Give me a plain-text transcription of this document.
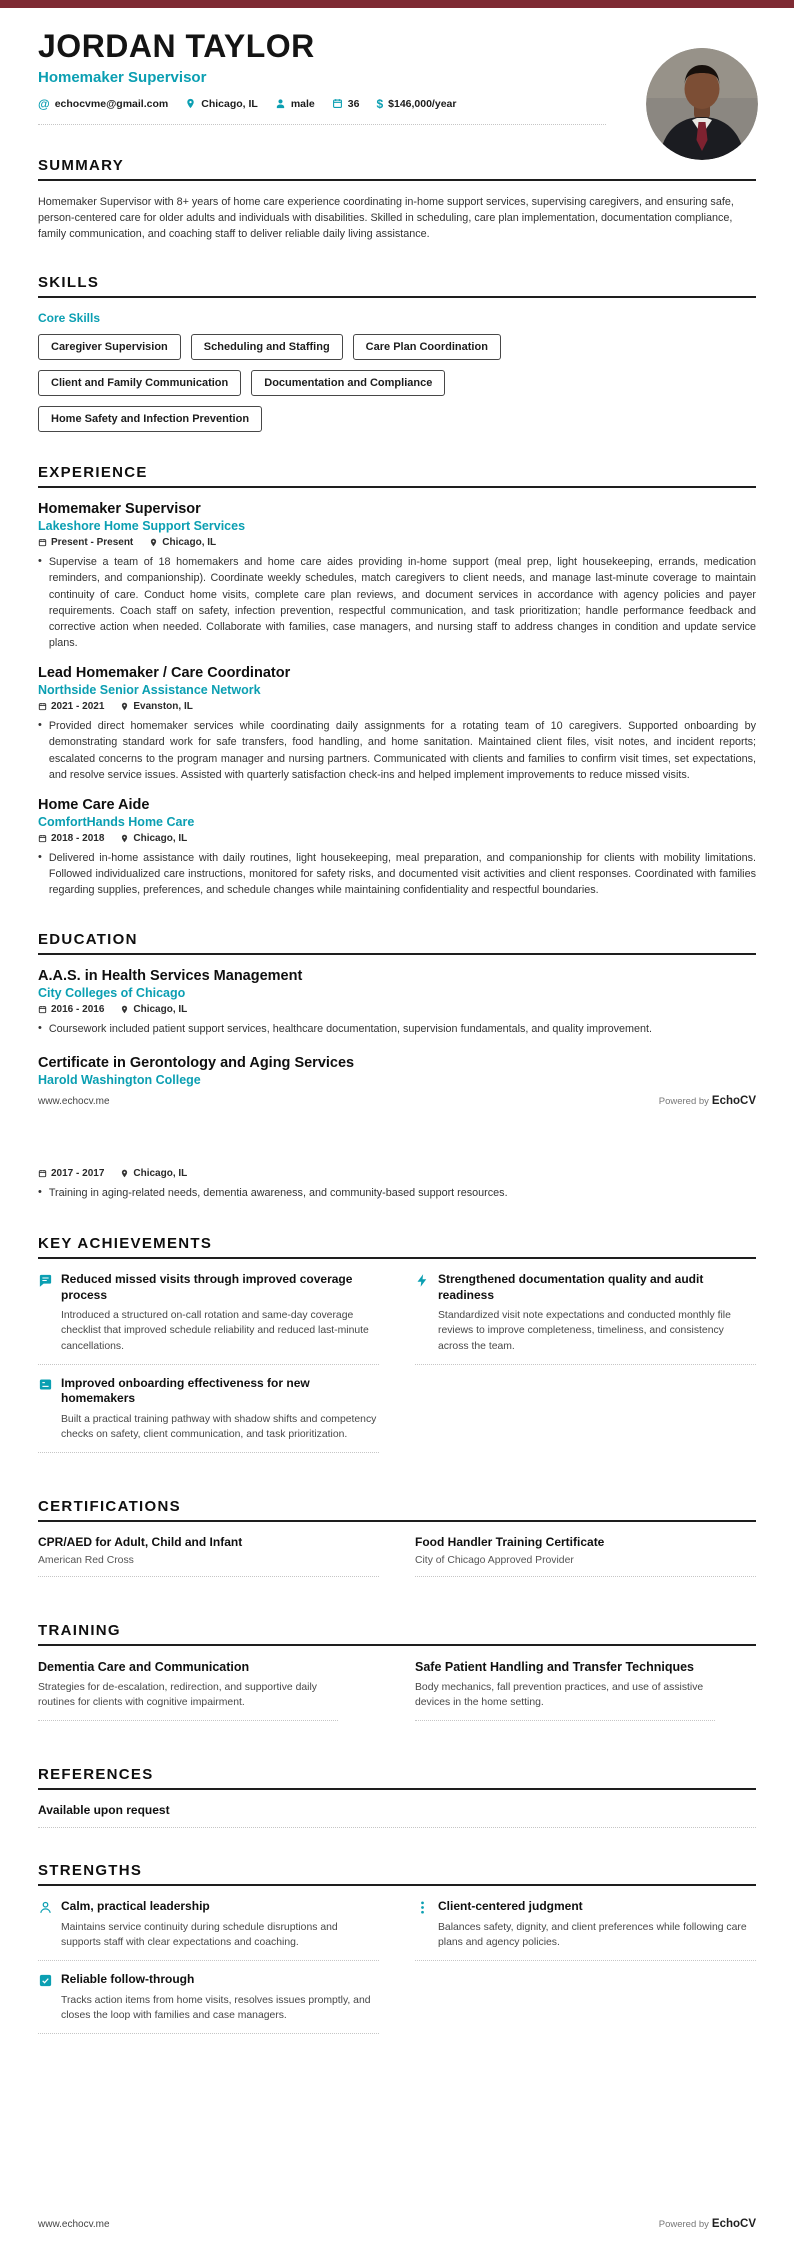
JORDAN TAYLOR
Homemaker Supervisor
@ echocvme@gmail.com	Chicago, IL	male	36 $ $146,000/year
SUMMARY

Homemaker Supervisor with 8+ years of home care experience coordinating in-home support services, supervising caregivers, and ensuring safe, person-centered care for older adults and individuals with disabilities. Skilled in scheduling, care plan implementation, documentation compliance, family communication, and coaching staff to deliver reliable daily living assistance.

SKILLS
Core Skills
Caregiver Supervision	Scheduling and Staffing	Care Plan Coordination
Client and Family Communication	Documentation and Compliance
Home Safety and Infection Prevention
EXPERIENCE
Homemaker Supervisor
Lakeshore Home Support Services
Present - Present	Chicago, IL
• Supervise a team of 18 homemakers and home care aides providing in-home support (meal prep, light housekeeping, errands, medication reminders, and companionship). Coordinate weekly schedules, match caregivers to client needs, and manage last-minute coverage to maintain continuity of care. Conduct home visits, complete care plan reviews, and document services in accordance with agency policies and payer requirements. Coach staff on safety, infection prevention, respectful communication, and task prioritization; handle performance feedback and corrective action when needed. Collaborate with families, case managers, and nursing staff to address changes in condition and update service plans.

Lead Homemaker / Care Coordinator
Northside Senior Assistance Network
2021 - 2021	Evanston, IL
• Provided direct homemaker services while coordinating daily assignments for a rotating team of 10 caregivers. Supported onboarding by demonstrating standard work for safe transfers, food handling, and home sanitation. Maintained client files, visit notes, and incident reports; escalated concerns to the program manager and nursing partners. Communicated with clients and families to confirm visit times, set expectations, and resolve service issues. Assisted with quarterly satisfaction check-ins and helped implement improvements to reduce missed visits.

Home Care Aide
ComfortHands Home Care
2018 - 2018	Chicago, IL
• Delivered in-home assistance with daily routines, light housekeeping, meal preparation, and companionship for clients with mobility limitations. Followed individualized care instructions, monitored for safety risks, and documented visit activities and client responses. Coordinated with families regarding supplies, preferences, and schedule changes while maintaining confidentiality and respectful boundaries.

EDUCATION
A.A.S. in Health Services Management
City Colleges of Chicago
2016 - 2016	Chicago, IL
• Coursework included patient support services, healthcare documentation, supervision fundamentals, and quality improvement.

Certificate in Gerontology and Aging Services
Harold Washington College
www.echocv.me	Powered by EchoCV
2017 - 2017	Chicago, IL
• Training in aging-related needs, dementia awareness, and community-based support resources.

KEY ACHIEVEMENTS
Reduced missed visits through improved coverage process
Introduced a structured on-call rotation and same-day coverage checklist that improved schedule reliability and reduced last-minute cancellations.
Strengthened documentation quality and audit readiness
Standardized visit note expectations and conducted monthly file reviews to improve completeness, timeliness, and consistency across the team.
Improved onboarding effectiveness for new homemakers
Built a practical training pathway with shadow shifts and competency checks on safety, client communication, and task prioritization.
CERTIFICATIONS
CPR/AED for Adult, Child and Infant
American Red Cross
Food Handler Training Certificate
City of Chicago Approved Provider
TRAINING
Dementia Care and Communication
Strategies for de-escalation, redirection, and supportive daily routines for clients with cognitive impairment.
Safe Patient Handling and Transfer Techniques
Body mechanics, fall prevention practices, and use of assistive devices in the home setting.
REFERENCES
Available upon request
STRENGTHS
Calm, practical leadership
Maintains service continuity during schedule disruptions and supports staff with clear expectations and coaching.
Client-centered judgment
Balances safety, dignity, and client preferences while following care plans and agency policies.
Reliable follow-through
Tracks action items from home visits, resolves issues promptly, and closes the loop with families and case managers.
www.echocv.me	Powered by EchoCV
